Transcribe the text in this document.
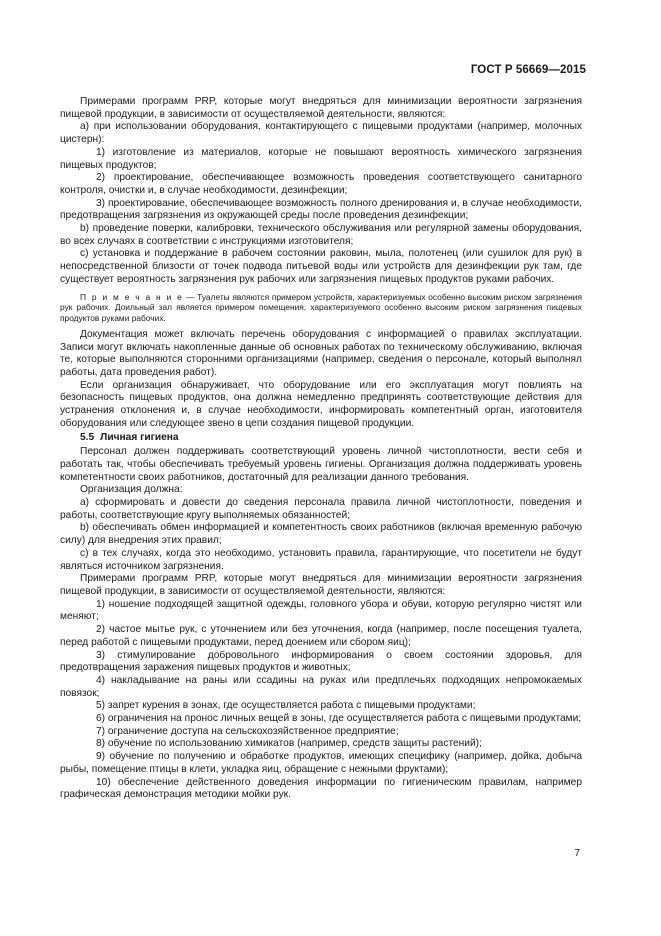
ГОСТ Р 56669—2015

Примерами программ PRP, которые могут внедряться для минимизации вероятности загрязнения пищевой продукции, в зависимости от осуществляемой деятельности, являются:

a) при использовании оборудования, контактирующего с пищевыми продуктами (например, молочных цистерн):

1) изготовление из материалов, которые не повышают вероятность химического загрязнения пищевых продуктов;

2) проектирование, обеспечивающее возможность проведения соответствующего санитарного контроля, очистки и, в случае необходимости, дезинфекции;

3) проектирование, обеспечивающее возможность полного дренирования и, в случае необходимости, предотвращения загрязнения из окружающей среды после проведения дезинфекции;

b) проведение поверки, калибровки, технического обслуживания или регулярной замены оборудования, во всех случаях в соответствии с инструкциями изготовителя;

c) установка и поддержание в рабочем состоянии раковин, мыла, полотенец (или сушилок для рук) в непосредственной близости от точек подвода питьевой воды или устройств для дезинфекции рук там, где существует вероятность загрязнения рук рабочих или загрязнения пищевых продуктов руками рабочих.

П р и м е ч а н и е — Туалеты являются примером устройств, характеризуемых особенно высоким риском загрязнения рук рабочих. Доильный зал является примером помещения, характеризуемого особенно высоким риском загрязнения пищевых продуктов руками рабочих.

Документация может включать перечень оборудования с информацией о правилах эксплуатации. Записи могут включать накопленные данные об основных работах по техническому обслуживанию, включая те, которые выполняются сторонними организациями (например, сведения о персонале, который выполнял работы, дата проведения работ).

Если организация обнаруживает, что оборудование или его эксплуатация могут повлиять на безопасность пищевых продуктов, она должна немедленно предпринять соответствующие действия для устранения отклонения и, в случае необходимости, информировать компетентный орган, изготовителя оборудования или следующее звено в цепи создания пищевой продукции.

5.5 Личная гигиена

Персонал должен поддерживать соответствующий уровень личной чистоплотности, вести себя и работать так, чтобы обеспечивать требуемый уровень гигиены. Организация должна поддерживать уровень компетентности своих работников, достаточный для реализации данного требования.

Организация должна:

a) сформировать и довести до сведения персонала правила личной чистоплотности, поведения и работы, соответствующие кругу выполняемых обязанностей;

b) обеспечивать обмен информацией и компетентность своих работников (включая временную рабочую силу) для внедрения этих правил;

c) в тех случаях, когда это необходимо, установить правила, гарантирующие, что посетители не будут являться источником загрязнения.

Примерами программ PRP, которые могут внедряться для минимизации вероятности загрязнения пищевой продукции, в зависимости от осуществляемой деятельности, являются:

1) ношение подходящей защитной одежды, головного убора и обуви, которую регулярно чистят или меняют;

2) частое мытье рук, с уточнением или без уточнения, когда (например, после посещения туалета, перед работой с пищевыми продуктами, перед доением или сбором яиц);

3) стимулирование добровольного информирования о своем состоянии здоровья, для предотвращения заражения пищевых продуктов и животных;

4) накладывание на раны или ссадины на руках или предплечьях подходящих непромокаемых повязок;

5) запрет курения в зонах, где осуществляется работа с пищевыми продуктами;

6) ограничения на пронос личных вещей в зоны, где осуществляется работа с пищевыми продуктами;

7) ограничение доступа на сельскохозяйственное предприятие;

8) обучение по использованию химикатов (например, средств защиты растений);

9) обучение по получению и обработке продуктов, имеющих специфику (например, дойка, добыча рыбы, помещение птицы в клети, укладка яиц, обращение с нежными фруктами);

10) обеспечение действенного доведения информации по гигиеническим правилам, например графическая демонстрация методики мойки рук.

7
